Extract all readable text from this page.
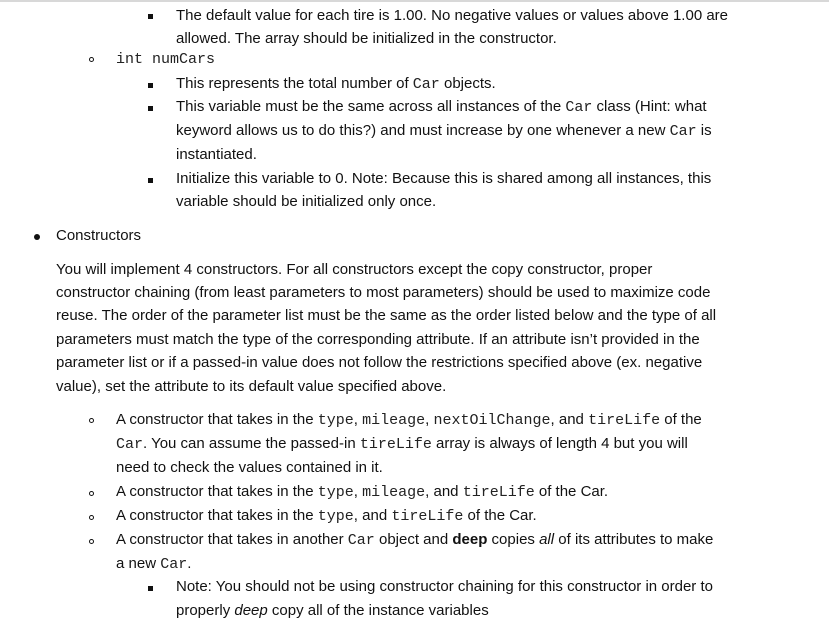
The default value for each tire is 1.00. No negative values or values above 1.00 are
allowed. The array should be initialized in the constructor.
int numCars
This represents the total number of Car objects.
This variable must be the same across all instances of the Car class (Hint: what
keyword allows us to do this?) and must increase by one whenever a new Car is
instantiated.
Initialize this variable to 0. Note: Because this is shared among all instances, this
variable should be initialized only once.
Constructors
You will implement 4 constructors. For all constructors except the copy constructor, proper
constructor chaining (from least parameters to most parameters) should be used to maximize code
reuse. The order of the parameter list must be the same as the order listed below and the type of all
parameters must match the type of the corresponding attribute. If an attribute isn’t provided in the
parameter list or if a passed-in value does not follow the restrictions specified above (ex. negative
value), set the attribute to its default value specified above.
A constructor that takes in the type, mileage, nextOilChange, and tireLife of the
Car. You can assume the passed-in tireLife array is always of length 4 but you will
need to check the values contained in it.
A constructor that takes in the type, mileage, and tireLife of the Car.
A constructor that takes in the type, and tireLife of the Car.
A constructor that takes in another Car object and deep copies all of its attributes to make
a new Car.
Note: You should not be using constructor chaining for this constructor in order to
properly deep copy all of the instance variables
